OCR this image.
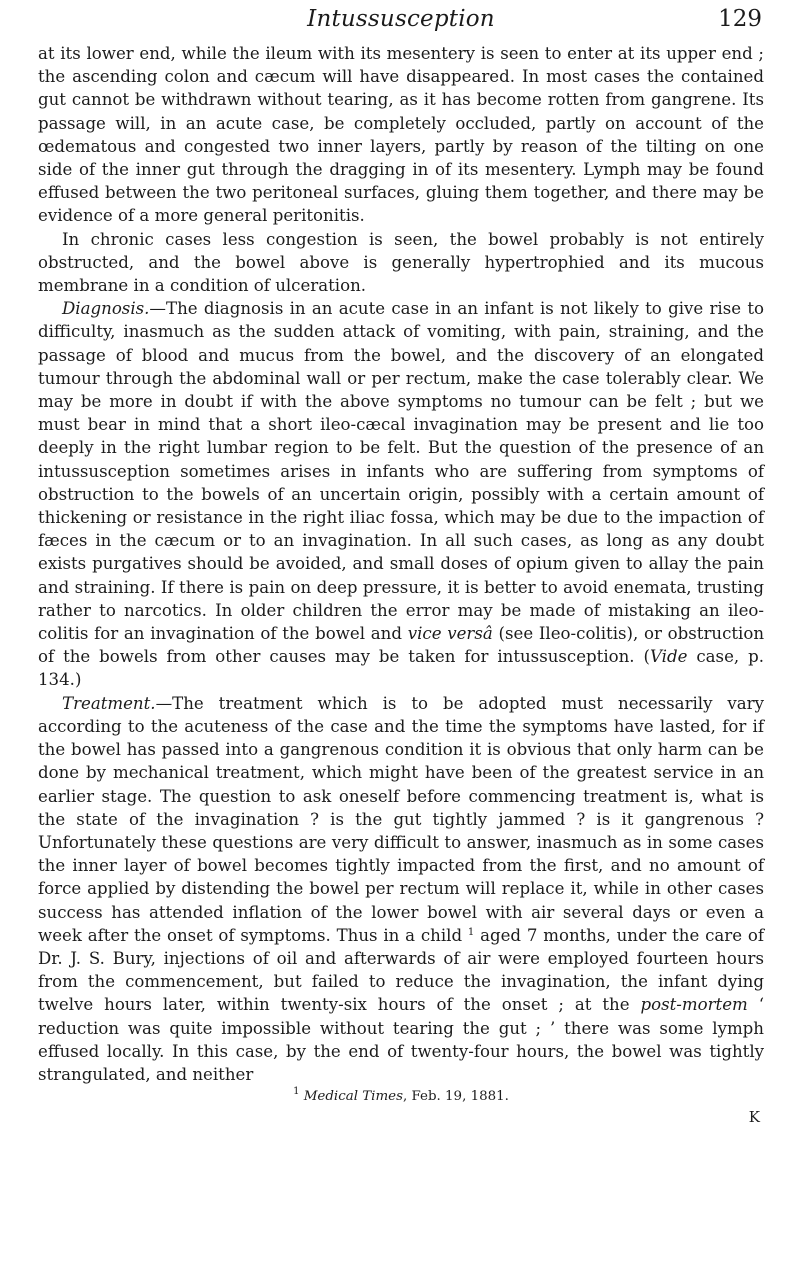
Intussusception	129

at its lower end, while the ileum with its mesentery is seen to enter at its upper end ; the ascending colon and cæcum will have disappeared. In most cases the contained gut cannot be withdrawn without tearing, as it has become rotten from gangrene. Its passage will, in an acute case, be completely occluded, partly on account of the œdematous and congested two inner layers, partly by reason of the tilting on one side of the inner gut through the dragging in of its mesentery. Lymph may be found effused between the two peritoneal surfaces, gluing them together, and there may be evidence of a more general peritonitis.

In chronic cases less congestion is seen, the bowel probably is not entirely obstructed, and the bowel above is generally hypertrophied and its mucous membrane in a condition of ulceration.

Diagnosis.—The diagnosis in an acute case in an infant is not likely to give rise to difficulty, inasmuch as the sudden attack of vomiting, with pain, straining, and the passage of blood and mucus from the bowel, and the discovery of an elongated tumour through the abdominal wall or per rectum, make the case tolerably clear. We may be more in doubt if with the above symptoms no tumour can be felt ; but we must bear in mind that a short ileo-cæcal invagination may be present and lie too deeply in the right lumbar region to be felt. But the question of the presence of an intussusception sometimes arises in infants who are suffering from symptoms of obstruction to the bowels of an uncertain origin, possibly with a certain amount of thickening or resistance in the right iliac fossa, which may be due to the impaction of fæces in the cæcum or to an invagination. In all such cases, as long as any doubt exists purgatives should be avoided, and small doses of opium given to allay the pain and straining. If there is pain on deep pressure, it is better to avoid enemata, trusting rather to narcotics. In older children the error may be made of mistaking an ileo-colitis for an invagination of the bowel and vice versâ (see Ileo-colitis), or obstruction of the bowels from other causes may be taken for intussusception. (Vide case, p. 134.)

Treatment.—The treatment which is to be adopted must necessarily vary according to the acuteness of the case and the time the symptoms have lasted, for if the bowel has passed into a gangrenous condition it is obvious that only harm can be done by mechanical treatment, which might have been of the greatest service in an earlier stage. The question to ask oneself before commencing treatment is, what is the state of the invagination ? is the gut tightly jammed ? is it gangrenous ? Unfortunately these questions are very difficult to answer, inasmuch as in some cases the inner layer of bowel becomes tightly impacted from the first, and no amount of force applied by distending the bowel per rectum will replace it, while in other cases success has attended inflation of the lower bowel with air several days or even a week after the onset of symptoms. Thus in a child $^1$ aged 7 months, under the care of Dr. J. S. Bury, injections of oil and afterwards of air were employed fourteen hours from the commencement, but failed to reduce the invagination, the infant dying twelve hours later, within twenty-six hours of the onset ; at the post-mortem ‘ reduction was quite impossible without tearing the gut ; ’ there was some lymph effused locally. In this case, by the end of twenty-four hours, the bowel was tightly strangulated, and neither

$^1$ Medical Times, Feb. 19, 1881.
K
